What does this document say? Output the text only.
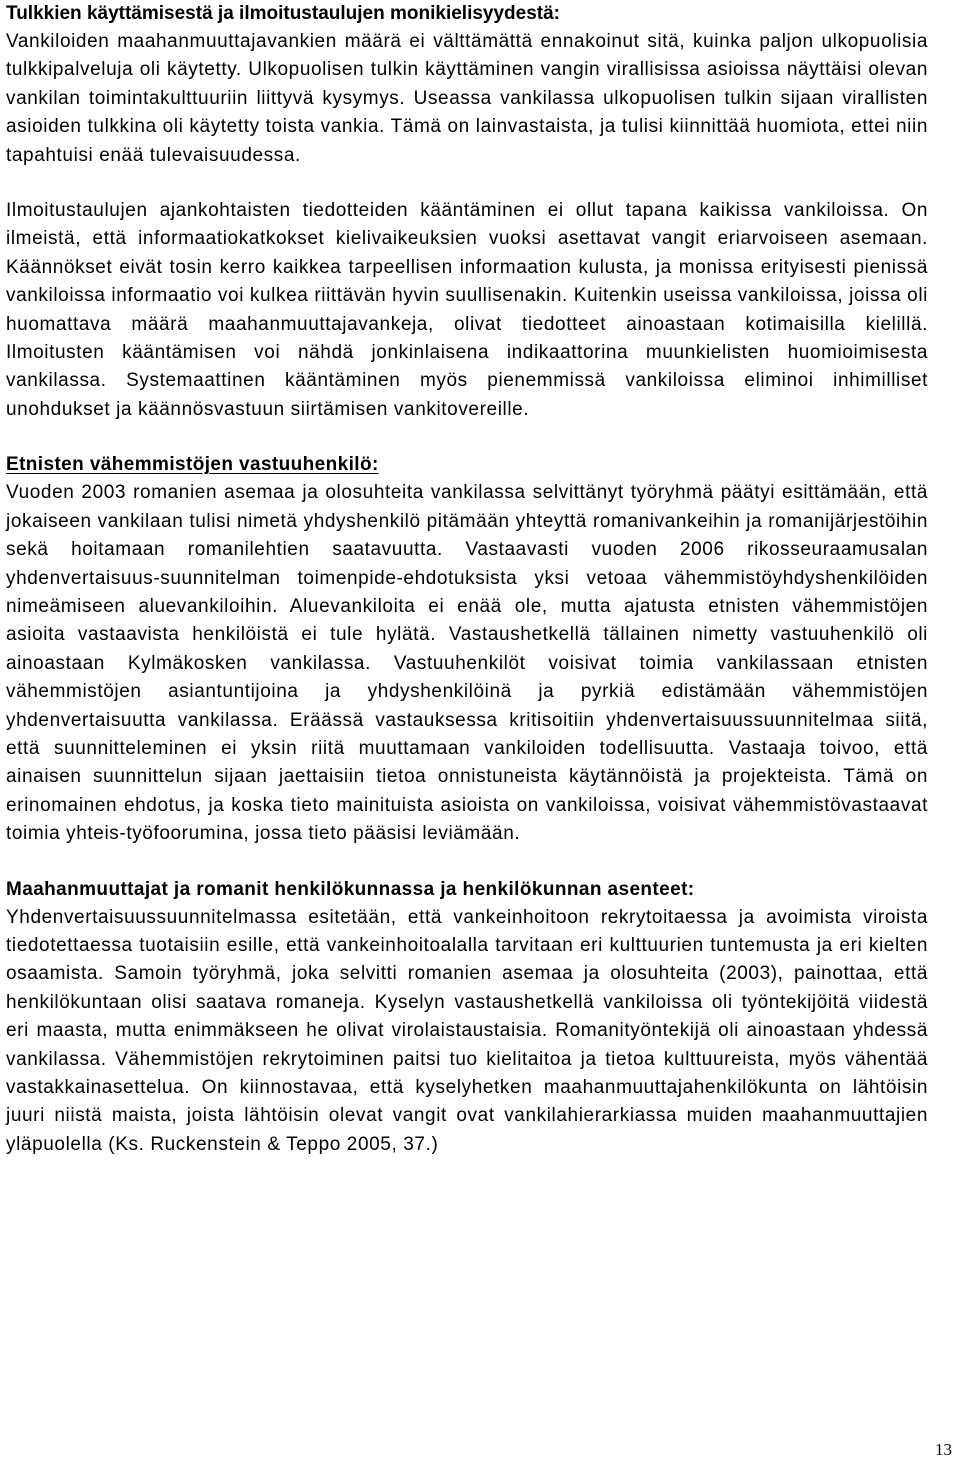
Tulkkien käyttämisestä ja ilmoitustaulujen monikielisyydestä:

Vankiloiden maahanmuuttajavankien määrä ei välttämättä ennakoinut sitä, kuinka paljon ulkopuolisia tulkkipalveluja oli käytetty. Ulkopuolisen tulkin käyttäminen vangin virallisissa asioissa näyttäisi olevan vankilan toimintakulttuuriin liittyvä kysymys. Useassa vankilassa ulkopuolisen tulkin sijaan virallisten asioiden tulkkina oli käytetty toista vankia. Tämä on lainvastaista, ja tulisi kiinnittää huomiota, ettei niin tapahtuisi enää tulevaisuudessa.

Ilmoitustaulujen ajankohtaisten tiedotteiden kääntäminen ei ollut tapana kaikissa vankiloissa. On ilmeistä, että informaatiokatkokset kielivaikeuksien vuoksi asettavat vangit eriarvoiseen asemaan. Käännökset eivät tosin kerro kaikkea tarpeellisen informaation kulusta, ja monissa erityisesti pienissä vankiloissa informaatio voi kulkea riittävän hyvin suullisenakin. Kuitenkin useissa vankiloissa, joissa oli huomattava määrä maahanmuuttajavankeja, olivat tiedotteet ainoastaan kotimaisilla kielillä. Ilmoitusten kääntämisen voi nähdä jonkinlaisena indikaattorina muunkielisten huomioimisesta vankilassa. Systemaattinen kääntäminen myös pienemmissä vankiloissa eliminoi inhimilliset unohdukset ja käännösvastuun siirtämisen vankitovereille.

Etnisten vähemmistöjen vastuuhenkilö:

Vuoden 2003 romanien asemaa ja olosuhteita vankilassa selvittänyt työryhmä päätyi esittämään, että jokaiseen vankilaan tulisi nimetä yhdyshenkilö pitämään yhteyttä romanivankeihin ja romanijärjestöihin sekä hoitamaan romanilehtien saatavuutta. Vastaavasti vuoden 2006 rikosseuraamusalan yhdenvertaisuus-suunnitelman toimenpide-ehdotuksista yksi vetoaa vähemmistöyhdyshenkilöiden nimeämiseen aluevankiloihin. Aluevankiloita ei enää ole, mutta ajatusta etnisten vähemmistöjen asioita vastaavista henkilöistä ei tule hylätä. Vastaushetkellä tällainen nimetty vastuuhenkilö oli ainoastaan Kylmäkosken vankilassa. Vastuuhenkilöt voisivat toimia vankilassaan etnisten vähemmistöjen asiantuntijoina ja yhdyshenkilöinä ja pyrkiä edistämään vähemmistöjen yhdenvertaisuutta vankilassa. Eräässä vastauksessa kritisoitiin yhdenvertaisuussuunnitelmaa siitä, että suunnitteleminen ei yksin riitä muuttamaan vankiloiden todellisuutta. Vastaaja toivoo, että ainaisen suunnittelun sijaan jaettaisiin tietoa onnistuneista käytännöistä ja projekteista. Tämä on erinomainen ehdotus, ja koska tieto mainituista asioista on vankiloissa, voisivat vähemmistövastaavat toimia yhteis-työfoorumina, jossa tieto pääsisi leviämään.

Maahanmuuttajat ja romanit henkilökunnassa ja henkilökunnan asenteet:

Yhdenvertaisuussuunnitelmassa esitetään, että vankeinhoitoon rekrytoitaessa ja avoimista viroista tiedotettaessa tuotaisiin esille, että vankeinhoitoalalla tarvitaan eri kulttuurien tuntemusta ja eri kielten osaamista. Samoin työryhmä, joka selvitti romanien asemaa ja olosuhteita (2003), painottaa, että henkilökuntaan olisi saatava romaneja. Kyselyn vastaushetkellä vankiloissa oli työntekijöitä viidestä eri maasta, mutta enimmäkseen he olivat virolaistaustaisia. Romanityöntekijä oli ainoastaan yhdessä vankilassa. Vähemmistöjen rekrytoiminen paitsi tuo kielitaitoa ja tietoa kulttuureista, myös vähentää vastakkainasettelua. On kiinnostavaa, että kyselyhetken maahanmuuttajahenkilökunta on lähtöisin juuri niistä maista, joista lähtöisin olevat vangit ovat vankilahierarkiassa muiden maahanmuuttajien yläpuolella (Ks. Ruckenstein & Teppo 2005, 37.)

13
